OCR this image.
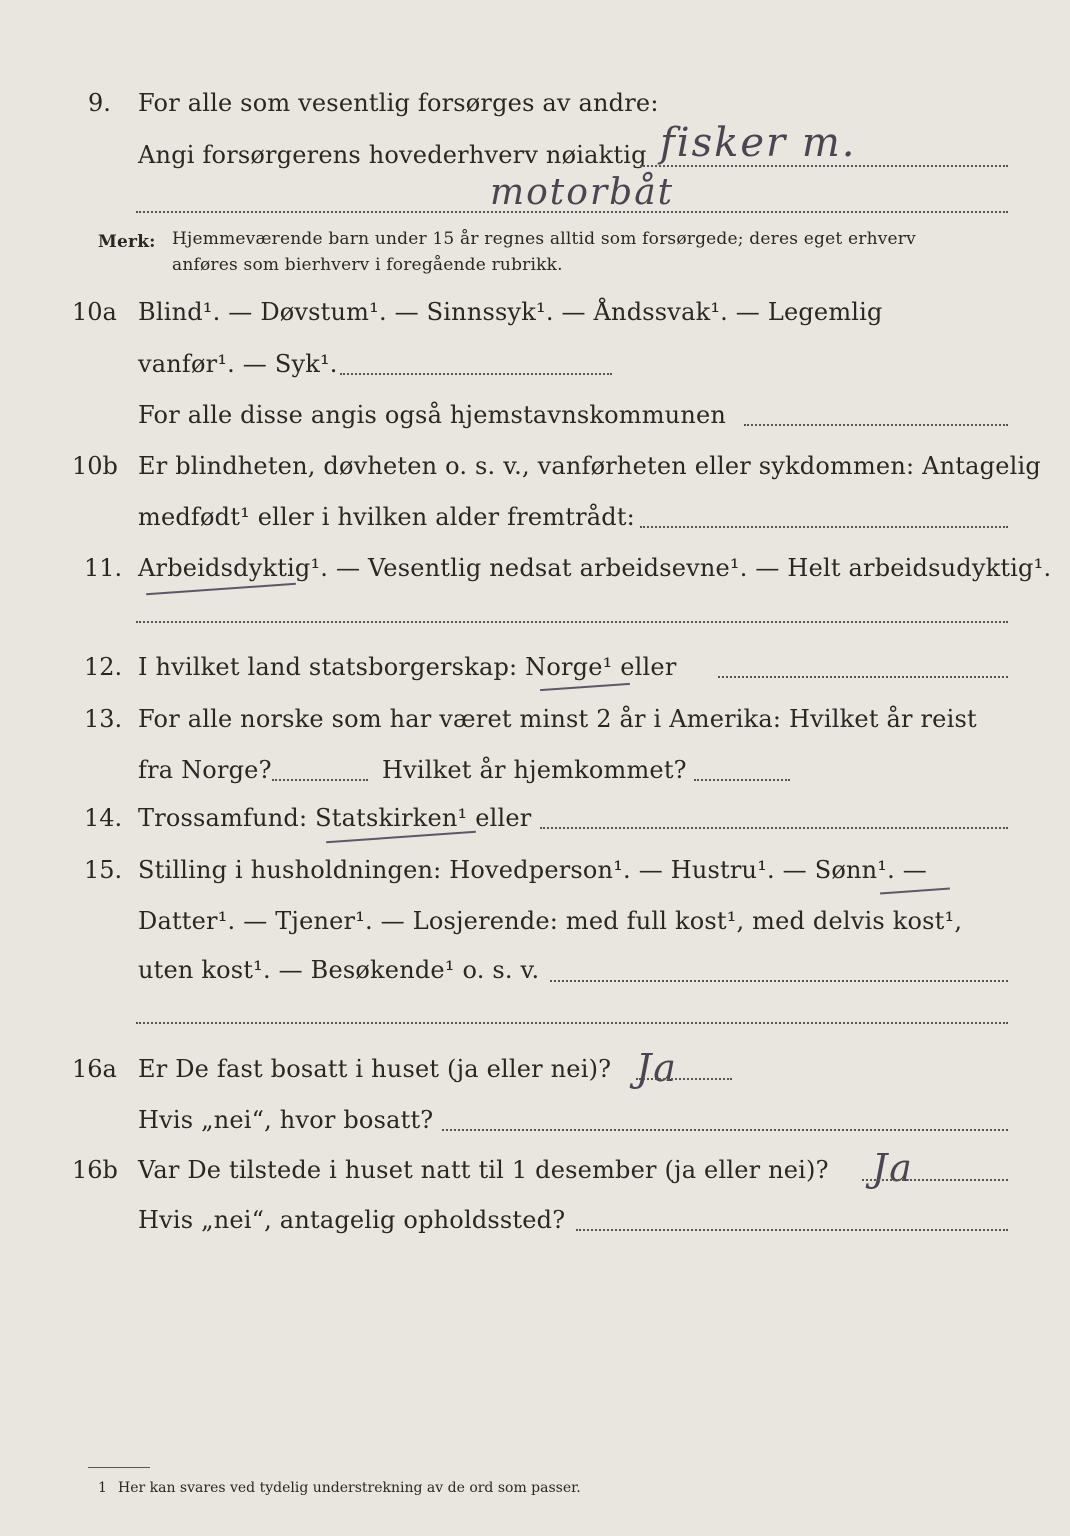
9. For alle som vesentlig forsørges av andre:
Angi forsørgerens hovederhverv nøiaktig fisker m.
motorbåt
Merk: Hjemmeværende barn under 15 år regnes alltid som forsørgede; deres eget erhverv
anføres som bierhverv i foregående rubrikk.
10a Blind¹. — Døvstum¹. — Sinnssyk¹. — Åndssvak¹. — Legemlig
vanfør¹. — Syk¹.
For alle disse angis også hjemstavnskommunen
10b Er blindheten, døvheten o. s. v., vanførheten eller sykdommen: Antagelig
medfødt¹ eller i hvilken alder fremtrådt:
11. Arbeidsdyktig¹. — Vesentlig nedsat arbeidsevne¹. — Helt arbeidsudyktig¹.
12. I hvilket land statsborgerskap: Norge¹ eller
13. For alle norske som har været minst 2 år i Amerika: Hvilket år reist
fra Norge?	Hvilket år hjemkommet?
14. Trossamfund: Statskirken¹ eller
15. Stilling i husholdningen: Hovedperson¹. — Hustru¹. — Sønn¹. —
Datter¹. — Tjener¹. — Losjerende: med full kost¹, med delvis kost¹,
uten kost¹. — Besøkende¹ o. s. v.
16a Er De fast bosatt i huset (ja eller nei)? Ja
Hvis „nei“, hvor bosatt?
16b Var De tilstede i huset natt til 1 desember (ja eller nei)? Ja
Hvis „nei“, antagelig opholdssted?
1 Her kan svares ved tydelig understrekning av de ord som passer.
